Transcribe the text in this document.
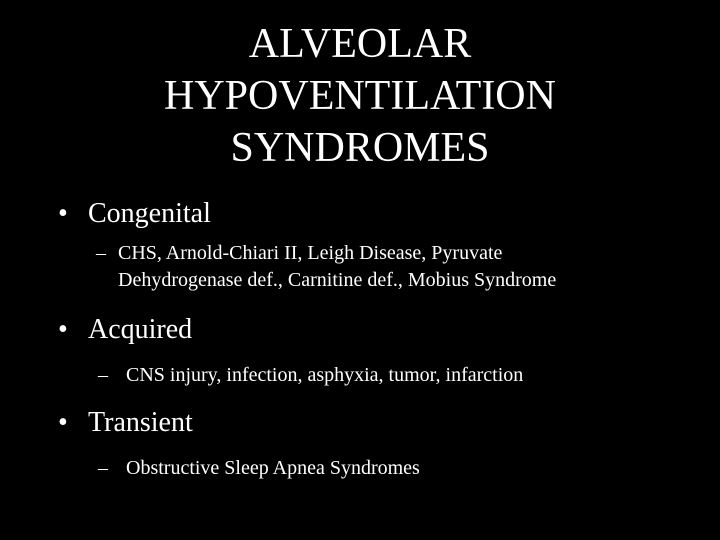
ALVEOLAR
HYPOVENTILATION
SYNDROMES
• Congenital
– CHS, Arnold-Chiari II, Leigh Disease, Pyruvate
Dehydrogenase def., Carnitine def., Mobius Syndrome
• Acquired
– CNS injury, infection, asphyxia, tumor, infarction
• Transient
– Obstructive Sleep Apnea Syndromes
